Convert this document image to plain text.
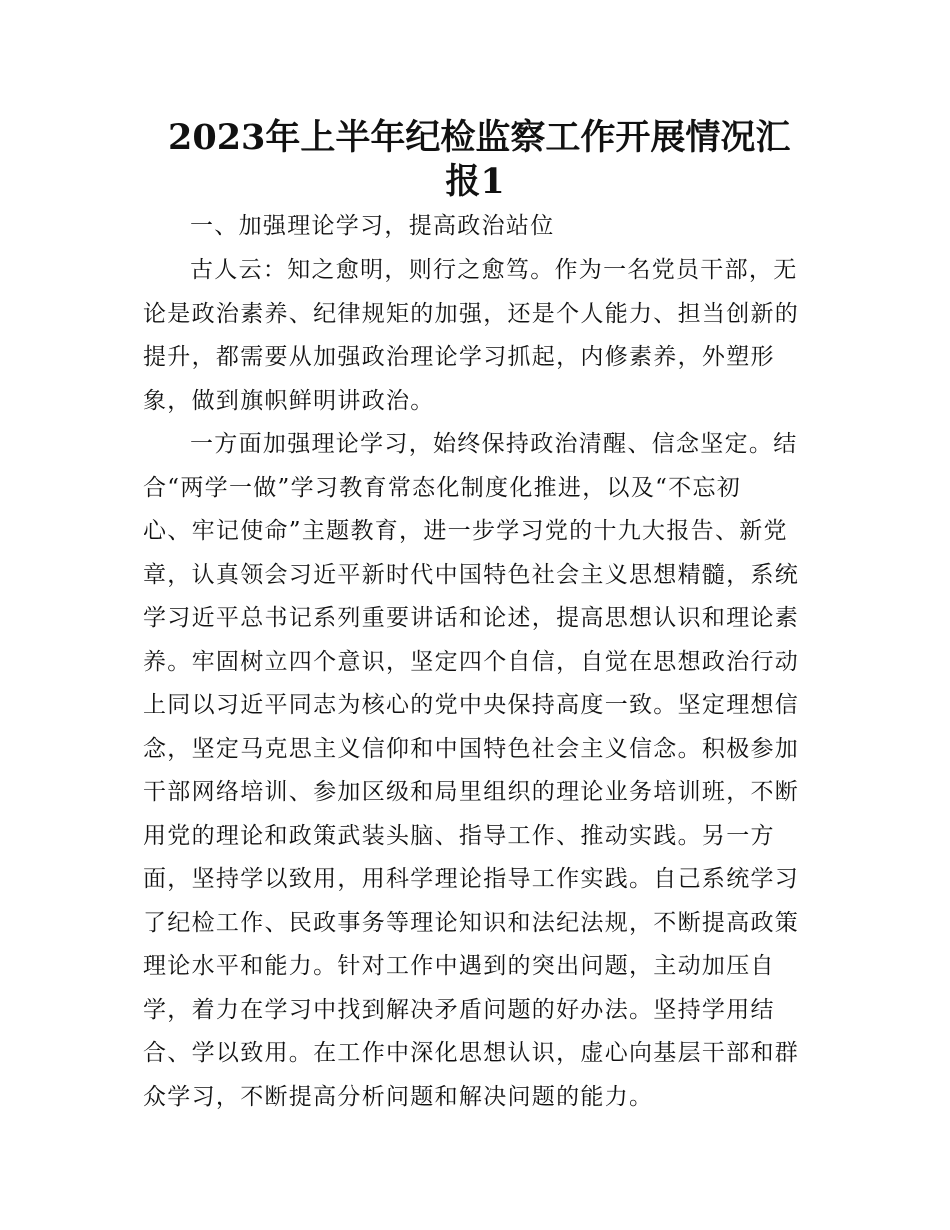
2023年上半年纪检监察工作开展情况汇
报1
一、加强理论学习，提高政治站位
古人云：知之愈明，则行之愈笃。作为一名党员干部，无
论是政治素养、纪律规矩的加强，还是个人能力、担当创新的
提升，都需要从加强政治理论学习抓起，内修素养，外塑形
象，做到旗帜鲜明讲政治。
一方面加强理论学习，始终保持政治清醒、信念坚定。结
合“两学一做”学习教育常态化制度化推进，以及“不忘初
心、牢记使命”主题教育，进一步学习党的十九大报告、新党
章，认真领会习近平新时代中国特色社会主义思想精髓，系统
学习近平总书记系列重要讲话和论述，提高思想认识和理论素
养。牢固树立四个意识，坚定四个自信，自觉在思想政治行动
上同以习近平同志为核心的党中央保持高度一致。坚定理想信
念，坚定马克思主义信仰和中国特色社会主义信念。积极参加
干部网络培训、参加区级和局里组织的理论业务培训班，不断
用党的理论和政策武装头脑、指导工作、推动实践。另一方
面，坚持学以致用，用科学理论指导工作实践。自己系统学习
了纪检工作、民政事务等理论知识和法纪法规，不断提高政策
理论水平和能力。针对工作中遇到的突出问题，主动加压自
学，着力在学习中找到解决矛盾问题的好办法。坚持学用结
合、学以致用。在工作中深化思想认识，虚心向基层干部和群
众学习，不断提高分析问题和解决问题的能力。
